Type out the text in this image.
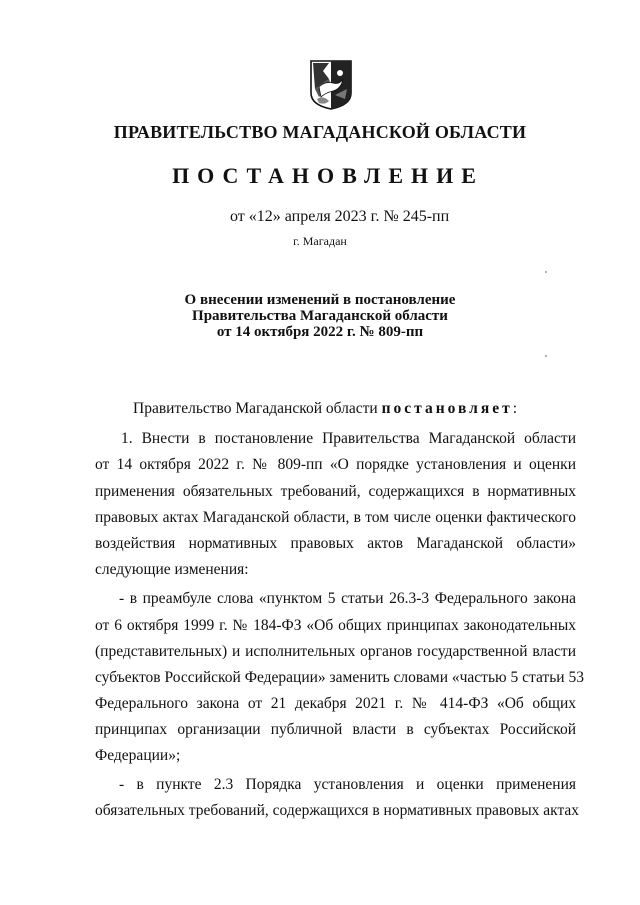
ПРАВИТЕЛЬСТВО МАГАДАНСКОЙ ОБЛАСТИ
ПОСТАНОВЛЕНИЕ
от «12» апреля 2023 г. № 245-пп
г. Магадан
О внесении изменений в постановление
Правительства Магаданской области
от 14 октября 2022 г. № 809-пп
Правительство Магаданской области постановляет:
1. Внести в постановление Правительства Магаданской области
от 14 октября 2022 г. № 809-пп «О порядке установления и оценки
применения обязательных требований, содержащихся в нормативных
правовых актах Магаданской области, в том числе оценки фактического
воздействия нормативных правовых актов Магаданской области»
следующие изменения:
- в преамбуле слова «пунктом 5 статьи 26.3-3 Федерального закона
от 6 октября 1999 г. № 184-ФЗ «Об общих принципах законодательных
(представительных) и исполнительных органов государственной власти
субъектов Российской Федерации» заменить словами «частью 5 статьи 53
Федерального закона от 21 декабря 2021 г. № 414-ФЗ «Об общих
принципах организации публичной власти в субъектах Российской
Федерации»;
- в пункте 2.3 Порядка установления и оценки применения
обязательных требований, содержащихся в нормативных правовых актах
